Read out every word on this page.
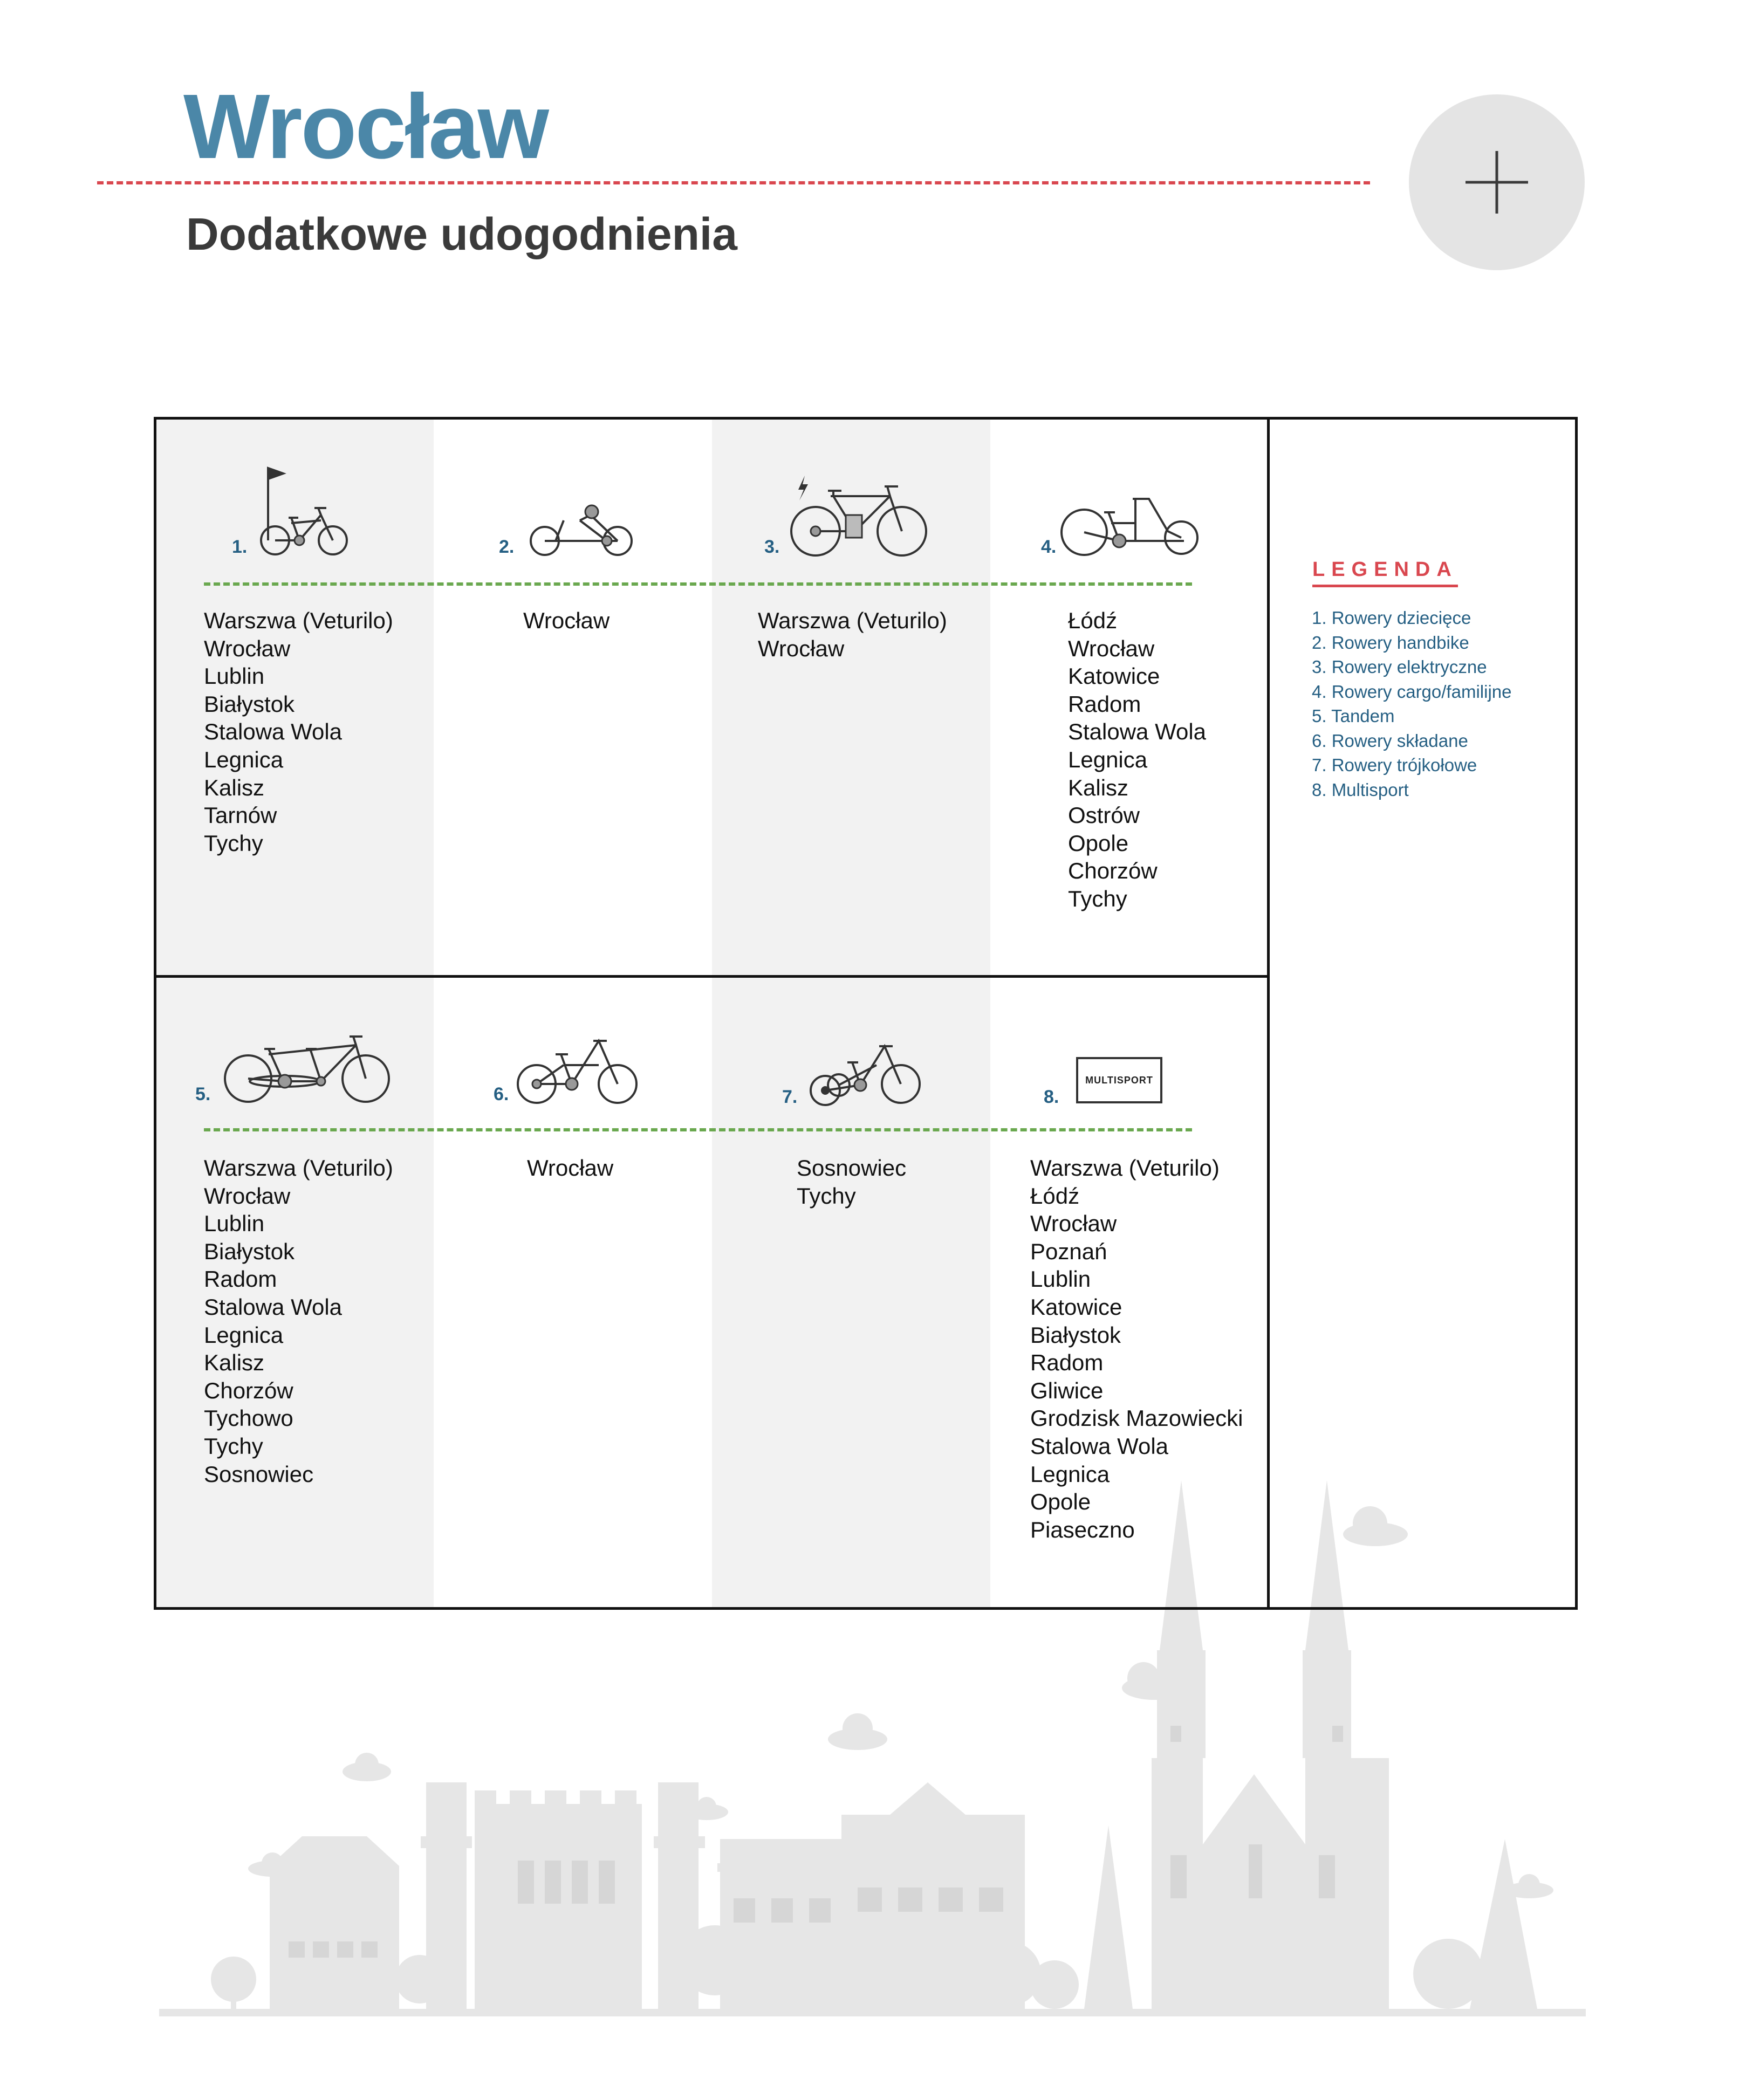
Wrocław
Dodatkowe udogodnienia
1.
Warszwa (Veturilo)
Wrocław
Lublin
Białystok
Stalowa Wola
Legnica
Kalisz
Tarnów
Tychy
2.
Wrocław
3.
Warszwa (Veturilo)
Wrocław
4.
Łódź
Wrocław
Katowice
Radom
Stalowa Wola
Legnica
Kalisz
Ostrów
Opole
Chorzów
Tychy
5.
Warszwa (Veturilo)
Wrocław
Lublin
Białystok
Radom
Stalowa Wola
Legnica
Kalisz
Chorzów
Tychowo
Tychy
Sosnowiec
6.
Wrocław
7.
Sosnowiec
Tychy
MULTISPORT
8.
Warszwa (Veturilo)
Łódź
Wrocław
Poznań
Lublin
Katowice
Białystok
Radom
Gliwice
Grodzisk Mazowiecki
Stalowa Wola
Legnica
Opole
Piaseczno
LEGENDA
1. Rowery dziecięce
2. Rowery handbike
3. Rowery elektryczne
4. Rowery cargo/familijne
5. Tandem
6. Rowery składane
7. Rowery trójkołowe
8. Multisport
